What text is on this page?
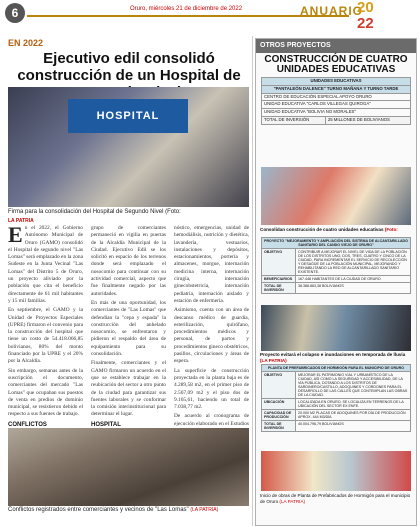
6	Oruro, miércoles 21 de diciembre de 2022	ANUARIO
20
22
EN 2022
Ejecutivo edil consolidó construcción de un Hospital de
HOSPITAL
Firma para la consolidación del Hospital de Segundo Nivel (Foto:
LA PATRIA

En el 2022, el Gobierno Autónomo Municipal de Oruro (GAMO) consolidó el Hospital de segundo nivel "Las Lomas" será emplazado en la zona Sudeste en la Junta Vecinal "Las Lomas" del Distrito 5 de Oruro, un proyecto aliviado por la población que cita el beneficio directamente de 61 mil habitantes y 15 mil familias.

En septiembre, el GAMO y la Unidad de Proyectos Especiales (UPRE) firmaron el convenio para la construcción del hospital que tiene un costo de 54.418.066,85 bolivianos, 80% del monto financiado por la UPRE y el 20% por la Alcaldía.

Sin embargo, semanas antes de la suscripción el documento, comerciantes del mercado "Las Lomas" que ocupaban sus puestos de venta en predios de dominio municipal, se resistieron debido el respecto a sus fuentes de trabajo.

CONFLICTOS

grupo de comerciantes permaneció en vigilia en puertas de la Alcaldía Municipal de la Ciudad. Ejecutivo Edil se los solicitó en espacio de los terrenos donde será emplazado el nosocomio para continuar con su actividad comercial, aspecto que fue finalmente negado por las autoridades.

En más de una oportunidad, los comerciantes de "Las Lomas" que defendían la "cepa y espada" la construcción del anhelado nosocomio, se enfrentaron y pidieron el respaldo del área de equipamiento para su consolidación.

Finalmente, comerciantes y el GAMO firmaron un acuerdo en el que se establece trabajar en la reubicación del sector a otro punto de la ciudad para garantizar sus fuentes laborales y se conformar la comisión interinstitucional para determinar el lugar.

HOSPITAL

nóstico, emergencias, unidad de hemodiálisis, nutrición y dietética, lavandería, vestuarios, instalaciones y depósitos, estacionamientos, portería y almacenes, morgue, internación medicina interna, internación cirugía, internación ginecobstetricia, internación pediatría, internación aislado y estación de enfermería.

Asimismo, cuenta con un área de descanso médico de guardia, esterilización, quirófano, procedimientos médicos y personal, de partos y procedimientos gineco obstétricos, pasillos, circulaciones y áreas de espera.

La superficie de construcción proyectada en la planta baja es de 4.289,58 m2, en el primer piso de 2.567,09 m2 y el piso dos de 9.165,61, haciendo un total de 7.038,77 m2.

De acuerdo al cronograma de ejecución elaborado en el Estudios

Conflictos registrados entre comerciantes y vecinos de "Las Lomas" (LA PATRIA)
OTROS PROYECTOS
CONSTRUCCIÓN DE CUATRO UNIDADES EDUCATIVAS
UNIDADES EDUCATIVAS
"PANTALEÓN DALENCE" TURNO MAÑANA Y TURNO TARDE
CENTRO DE EDUCACIÓN ESPECIAL APOYO ORURO
UNIDAD EDUCATIVA "CARLOS VILLEGAS QUIROGA"
UNIDAD EDUCATIVA "BOLIVIA NO MORALES"
TOTAL DE INVERSIÓN	25 MILLONES DE BOLIVIANOS
Consolidan construcción de cuatro unidades educativas (Foto:
PROYECTO "MEJORAMIENTO Y AMPLIACIÓN DEL SISTEMA DE ALCANTARILLADO SANITARIO DEL CANDO VIEJO DE ORURO"	
OBJETIVO	CONTRIBUIR A MEJORAR EL NIVEL DE VIDA DE LA POBLACIÓN DE LOS DISTRITOS UNO, DOS, TRES, CUATRO Y CINCO DE LA CIUDAD, PARA INCREMENTAR EL SERVICIO DE RECOLECCIÓN Y DESAGÜE DE LA POBLACIÓN MUNICIPAL, MEJORANDO Y REHABILITANDO LA RED DE ALCANTARILLADO SANITARIO EXISTENTE.
BENEFICIARIOS	167.448 HABITANTES DE LA CIUDAD DE ORURO
TOTAL DE INVERSIÓN	38.388.863,38 BOLIVIANOS
Proyecto evitará el colapso e inundaciones en temporada de lluvia (LA PATRIA)
PLANTA DE PREFABRICADOS DE HORMIGÓN PARA EL MUNICIPIO DE ORURO	
OBJETIVO	MEJORAR EL PATRIMONIO VIAL Y URBANÍSTICO DE LA CIUDAD, ASÍ COMO LA SEGURIDAD Y ACCESIBILIDAD, DE LA VÍA PÚBLICA, DOTANDO A LOS DISTRITOS DE SARDINERO/CASTILLO, ADOQUINES Y CORDONES PARA EL DESARROLLO DE LAS CALLES QUE CONTEMPLAN LAS OBRAS DE LA CIUDAD.
UBICACIÓN	LOCALIZADA EN ORURO, SE LOCALIZA EN TERRENOS DE LA UBICACIÓN DEL SECTOR EX ENFE.
CAPACIDAD DE PRODUCCIÓN	20.000 M2 PLACAS DE ADOQUINES POR DÍA DE PRODUCCIÓN APROX. 444 M3/DÍA
TOTAL DE INVERSIÓN	40.004.796,79 BOLIVIANOS
Inicio de obras de Planta de Prefabricados de Hormigón para el municipio de Oruro (LA PATRIA)
